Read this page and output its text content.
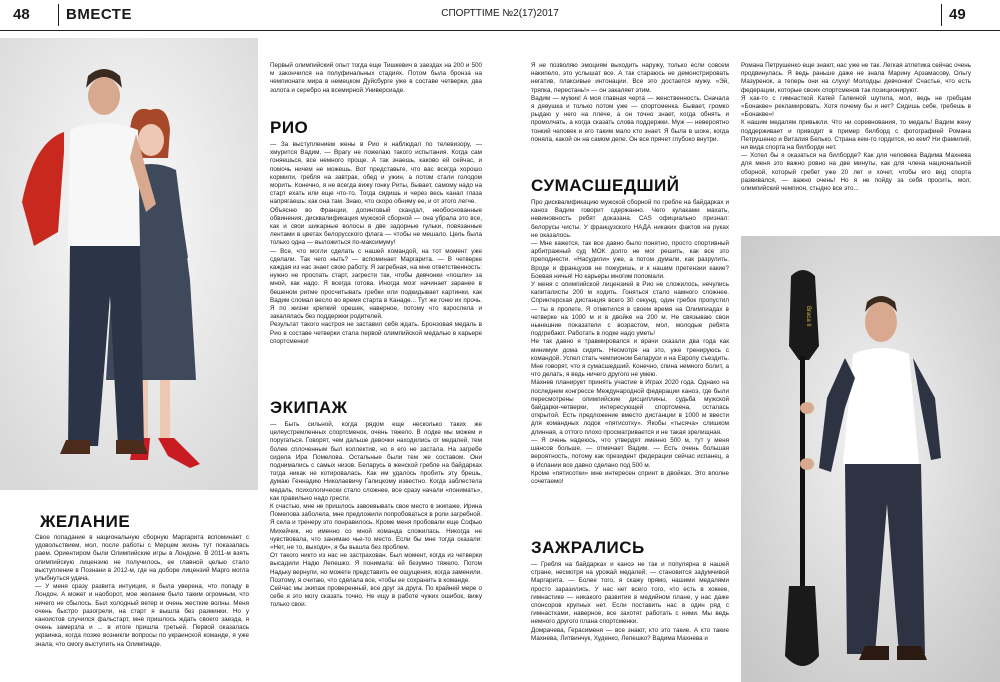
48 ВМЕСТЕ	СПОРТTIME №2(17)2017	49
Braca II
ЖЕЛАНИЕ
РИО
ЭКИПАЖ
СУМАСШЕДШИЙ
ЗАЖРАЛИСЬ

Свое попадание в национальную сборную Маргарита вспоминает с удовольствием, мол, после работы с Мерцем жизнь тут показалась раем. Ориентиром были Олимпийские игры в Лондоне. В 2011-м взять олимпийскую лицензию не получилось, ее главной целью стало выступление в Познани в 2012-м, где на доборе лицензий Марго могла улыбнуться удача.

— У меня сразу развита интуиция, я была уверена, что попаду в Лондон. А может и наоборот, мое желание было таким огромным, что ничего не сбылось. Был холодный ветер и очень жесткие волны. Меня очень быстро разогрели, на старт я вышла без разминки. Но у каноистов случился фальстарт, мне пришлось ждать своего заезда, я очень замерзла и ... в итоге пришла третьей. Первой оказалась украинка, когда позже возникли вопросы по украинской команде, я уже знала, что смогу выступить на Олимпиаде.

Первый олимпийский опыт тогда еще Тишкевич в заездах на 200 и 500 м закончился на полуфинальных стадиях. Потом была бронза на чемпионате мира в немецком Дуйсбурге уже в составе четверки, два золота и серебро на всемирной Универсиаде.

— За выступлением жены в Рио я наблюдал по телевизору, — хмурится Вадим. — Врагу не пожелаю такого испытания. Когда сам гоняешься, все немного проще. А так знаешь, каково ей сейчас, и помочь ничем не можешь. Вот представьте, что вас всегда хорошо кормили, гребля на завтрак, обед и ужин, а потом стали голодом морить. Конечно, я не всегда вижу гонку Риты, бывает, самому надо на старт ехать или еще что-то. Тогда сидишь и через весь канал глаза напрягаешь: как она там. Знаю, что скоро обниму ее, и от этого легче.

Объясню во Франции, допинговый скандал, необоснованные обвинения, дисквалификация мужской сборной — она убрала это все, как и свои шикарные волосы в две задорные гульки, повязанные лентами в цветах белорусского флага — чтобы не мешало. Цель была только одна — выложиться по-максимуму!

— Все, что могли сделать с нашей командой, на тот момент уже сделали. Так чего ныть? — вспоминает Маргарита. — В четверке каждая из нас знает свою работу. Я загребная, на мне ответственность: нужно не проспать старт, загрести так, чтобы девчонки «пошли» за мной, как надо. Я всегда готова. Иногда мозг начинает заранее в бешеном ритме просчитывать гребки или подкидывает картинки, как Вадим сломал весло во время старта в Канаде... Тут же гоню их прочь. Я по жизни крепкий орешек, наверное, потому что взрослела и закалялась без поддержки родителей.

Результат такого настроя не заставил себя ждать. Бронзовая медаль в Рио в составе четверки стала первой олимпийской медалью в карьере спортсменки!

— Быть сильной, когда рядом еще несколько таких же целеустремленных спортсменок, очень тяжело. В лодке мы можем и поругаться. Говорят, чем дальше девочки находились от медалей, тем более сплоченным был коллектив, но я его не застала. На загребе сидела Ира Помелова. Остальные были тем же составом. Они поднимались с самых низов. Беларусь в женской гребле на байдарках тогда никак не котировалась. Как им удалось пробить эту брешь, думаю Геннадию Николаевичу Галицкому известно. Когда заблестела медаль, психологически стало сложнее, все сразу начали «понимать», как правильно надо грести.

К счастью, мне не пришлось завоевывать свое место в экипаже. Ирина Помелова заболела, мне предложили попробоваться в роли загребной. Я села и тренеру это понравилось. Кроме меня пробовали еще Софью Михейчик, но именно со мной команда сложилась. Никогда не чувствовала, что занимаю чье-то место. Если бы мне тогда сказали: «Нет, не то, выходи», я бы вышла без проблем.

От такого никто из нас не застрахован. Был момент, когда из четверки высадили Надю Лепешко. Я понимала: ей безумно тяжело. Потом Надьку вернули, но можете представить ее ощущения, когда заменили. Поэтому, я считаю, что сделала все, чтобы ее сохранить в команде.

Сейчас мы экипаж проверенный, все друг за друга. По крайней мере о себе я это могу сказать точно. Не ищу в работе чужих ошибок, вижу только свои.

Я не позволяю эмоциям выходить наружу, только если совсем накипело, это услышат все. А так стараюсь не демонстрировать негатив, плаксивые интонации. Все это достается мужу. «Эй, тряпка, перестань!» — он закаляет этим.

Вадим — мужик! А моя главная черта — женственность. Сначала я девушка и только потом уже — спортсменка. Бывает, громко рыдаю у него на плече, а он точно знает, когда обнять и промолчать, а когда сказать слова поддержки. Муж — невероятно тонкий человек и его таким мало кто знает. Я была в шоке, когда поняла, какой он на самом деле. Он все прячет глубоко внутри.

Про дисквалификацию мужской сборной по гребле на байдарках и каноэ Вадим говорит сдержанно. Чего кулаками махать, невиновность ребят доказана. CAS официально признал: белорусы чисты. У французского НАДА никаких фактов на руках не оказалось.

— Мне кажется, так все давно было понятно, просто спортивный арбитражный суд МОК долго не мог решить, как все это преподнести. «Насудили» уже, а потом думали, как разрулить. Вроде и французов не пожуришь, и к нашим претензии какие? Боевая ничья! Но карьеры многим поломали.

У меня с олимпийской лицензией в Рио не сложилось, нечулись капиталисты 200 м ходить. Гоняться стало намного сложнее. Спринтерская дистанция всего 30 секунд, один гребок пропустил — ты в пролете. Я отметился в своем время на Олимпиадах в четверке на 1000 м и в двойке на 200 м. Не связываю свои нынешние показатели с возрастом, мол, молодые ребята подгребают. Работать в лодке надо уметь!

Не так давно я травмировался и врачи сказали два года как минимум дома сидеть. Несмотря на это, уже тренируюсь с командой. Успел стать чемпионом Беларуси и на Европу съездить. Мне говорят, что я сумасшедший. Конечно, спина немного болит, а что делать, я ведь ничего другого не умею.

Махнев планирует принять участие в Играх 2020 года. Однако на последнем конгрессе Международной федерации каноэ, где были пересмотрены олимпийские дисциплины, судьба мужской байдарки-четверки, интересующей спортсмена, осталась открытой. Есть предложение вместо дистанции в 1000 м ввести для командных лодок «пятисотку». Якобы «тысяча» слишком длинная, а оттого плохо просматривается и не такая зрелищная.

— Я очень надеюсь, что утвердят именно 500 м, тут у меня шансов больше, — отмечает Вадим. — Есть очень большая вероятность, потому как президент федерации сейчас испанец, а в Испании все давно сделано под 500 м.

Кроме «пятисотки» мне интересен спринт в двойках. Это вполне сочетаемо!

— Гребля на байдарках и каноэ не так и популярна в нашей стране, несмотря на урожай медалей, — становится задумчивой Маргарита. — Более того, я скажу прямо, нашими медалями просто заразились. У нас нет всего того, что есть в хоккее, гимнастике — никакого развития в медийном плане, у нас даже спонсоров крупных нет. Если поставить нас в один ряд с гимнастками, наверное, все захотят работать с ними. Мы ведь немного другого плана спортсменки.

Домрачева, Герасименя — все знают, кто это такие. А кто такие Махнева, Литвинчук, Худенко, Лепешко? Вадима Махнева и

Романа Петрушенко еще знают, нас уже не так. Легкая атлетика сейчас очень продвинулась. Я ведь раньше даже не знала Марину Арзамасову, Ольгу Мазуренок, а теперь они на слуху! Молодцы девчонки! Счастье, что есть федерации, которые своих спортсменов так позиционируют.

Я как-то с гимнасткой Катей Галкиной шутила, мол, ведь не гребцам «Бонакве» рекламировать. Хотя почему бы и нет? Сидишь себе, гребешь в «Бонакве»!

К нашим медалям привыкли. Что ни соревнования, то медаль! Вадим жену поддерживает и приводит в пример билборд с фотографией Романа Петрушенко и Виталия Белько. Страна кем-то гордится, но кем? Ни фамилий, ни вида спорта на билборде нет.

— Хотел бы я оказаться на билборде? Как для человека Вадима Махнева для меня это важно ровно на две минуты, как для члена национальной сборной, который гребет уже 20 лет и хочет, чтобы его вид спорта развивался, — важно очень! Но я не пойду за себя просить, мол, олимпийский чемпион, стыдно все это...
